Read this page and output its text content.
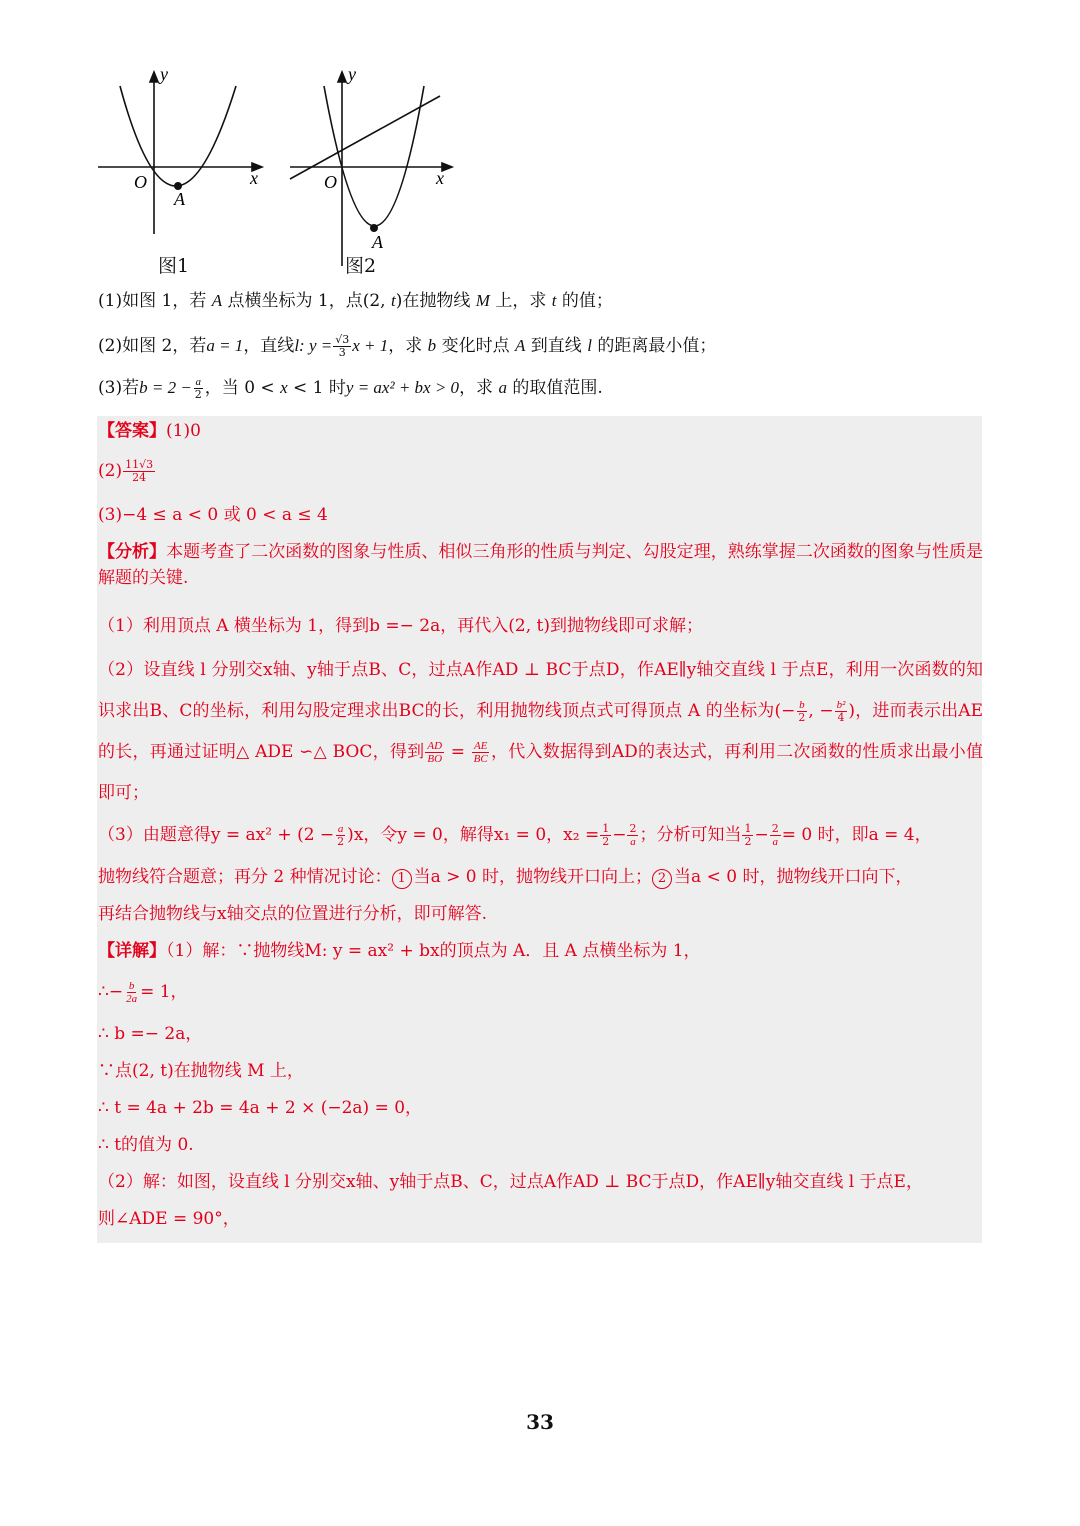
O
y
x
A
O
y
x
A
图1	图2
(1)如图 1，若 A 点横坐标为 1，点(2, t)在抛物线 M 上，求 t 的值；
(2)如图 2，若a = 1，直线l: $y = \frac{√3}{3}$ x + 1，求 b 变化时点 A 到直线 l 的距离最小值；
(3)若$b = 2 - \frac{a}{2}$ ，当 0 < x < 1 时y = ax² + bx > 0，求 a 的取值范围.
【答案】(1)0
$(2) \frac{11√3}{24}$
(3)−4 ≤ a < 0 或 0 < a ≤ 4
【分析】本题考查了二次函数的图象与性质、相似三角形的性质与判定、勾股定理，熟练掌握二次函数的图象与性质是解题的关键.
（1）利用顶点 A 横坐标为 1，得到b =− 2a，再代入(2, t)到抛物线即可求解；
（2）设直线 l 分别交x轴、y轴于点B、C，过点A作AD ⊥ BC于点D，作AE∥y轴交直线 l 于点E，利用一次函数的知识求出B、C的坐标，利用勾股定理求出BC的长，利用抛物线顶点式可得顶点 A 的坐标为(− $\frac{b}{2}$ , − $\frac{\text{b²}}{4}$ )，进而表示出AE的长，再通过证明△ ADE ∽△ BOC，得到 $\frac{AD}{BO} = \frac{AE}{BC}$ ，代入数据得到AD的表达式，再利用二次函数的性质求出最小值即可；
（3）由题意得$y = ax^2 + (2 - \frac{a}{2} )x$，令y = 0，解得x₁ = 0，$x_2 = \frac{1}{2} - \frac{2}{a}$ ；分析可知当 $\frac{1}{2} - \frac{2}{a} = 0$ 时，即a = 4，
抛物线符合题意；再分 2 种情况讨论： 1 当a > 0 时，抛物线开口向上； 2 当a < 0 时，抛物线开口向下，
再结合抛物线与x轴交点的位置进行分析，即可解答.
【详解】（1）解：∵抛物线M: y = ax² + bx的顶点为 A．且 A 点横坐标为 1，
∴− $\frac{b}{2a} = 1$，
∴ b =− 2a，
∵点(2, t)在抛物线 M 上，
∴ t = 4a + 2b = 4a + 2 × (−2a) = 0，
∴ t的值为 0.
（2）解：如图，设直线 l 分别交x轴、y轴于点B、C，过点A作AD ⊥ BC于点D，作AE∥y轴交直线 l 于点E，
则∠ADE = 90°，
33
